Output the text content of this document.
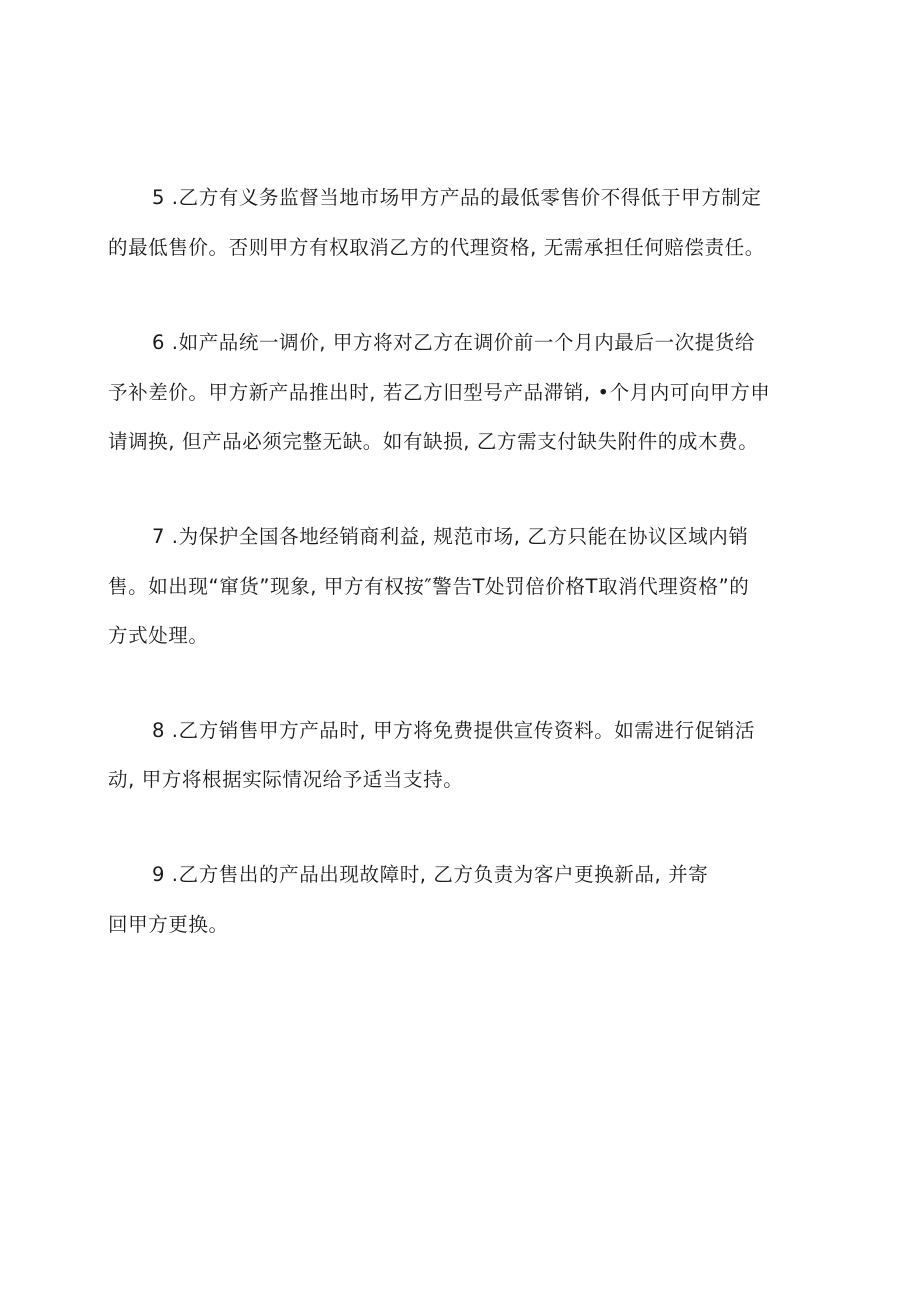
5 .乙方有义务监督当地市场甲方产品的最低零售价不得低于甲方制定
的最低售价。否则甲方有权取消乙方的代理资格, 无需承担任何赔偿责任。
6 .如产品统一调价, 甲方将对乙方在调价前一个月内最后一次提货给
予补差价。甲方新产品推出时, 若乙方旧型号产品滞销, •个月内可向甲方申
请调换, 但产品必须完整无缺。如有缺损, 乙方需支付缺失附件的成木费。
7 .为保护全国各地经销商利益, 规范市场, 乙方只能在协议区域内销
售。如出现“窜货”现象, 甲方有权按″警告T处罚倍价格T取消代理资格”的
方式处理。
8 .乙方销售甲方产品时, 甲方将免费提供宣传资料。如需进行促销活
动, 甲方将根据实际情况给予适当支持。
9 .乙方售出的产品出现故障时, 乙方负责为客户更换新品, 并寄
回甲方更换。
